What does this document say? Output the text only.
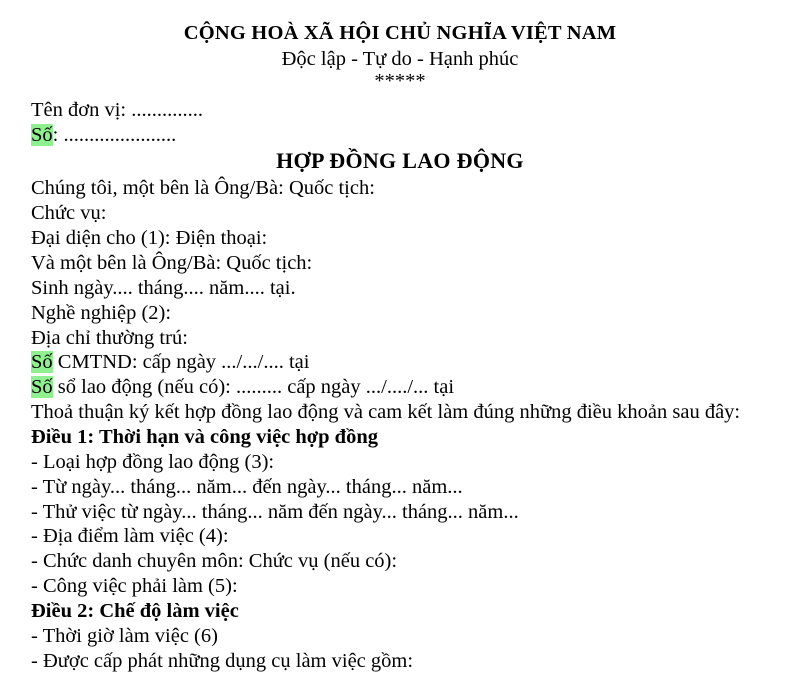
CỘNG HOÀ XÃ HỘI CHỦ NGHĨA VIỆT NAM
Độc lập - Tự do - Hạnh phúc
*****
Tên đơn vị: ..............
Số: ......................
HỢP ĐỒNG LAO ĐỘNG
Chúng tôi, một bên là Ông/Bà: Quốc tịch:
Chức vụ:
Đại diện cho (1): Điện thoại:
Và một bên là Ông/Bà: Quốc tịch:
Sinh ngày.... tháng.... năm.... tại.
Nghề nghiệp (2):
Địa chỉ thường trú:
Số CMTND: cấp ngày .../.../.... tại
Số sổ lao động (nếu có): ......... cấp ngày .../..../... tại
Thoả thuận ký kết hợp đồng lao động và cam kết làm đúng những điều khoản sau đây:
Điều 1: Thời hạn và công việc hợp đồng
- Loại hợp đồng lao động (3):
- Từ ngày... tháng... năm... đến ngày... tháng... năm...
- Thử việc từ ngày... tháng... năm đến ngày... tháng... năm...
- Địa điểm làm việc (4):
- Chức danh chuyên môn: Chức vụ (nếu có):
- Công việc phải làm (5):
Điều 2: Chế độ làm việc
- Thời giờ làm việc (6)
- Được cấp phát những dụng cụ làm việc gồm:
